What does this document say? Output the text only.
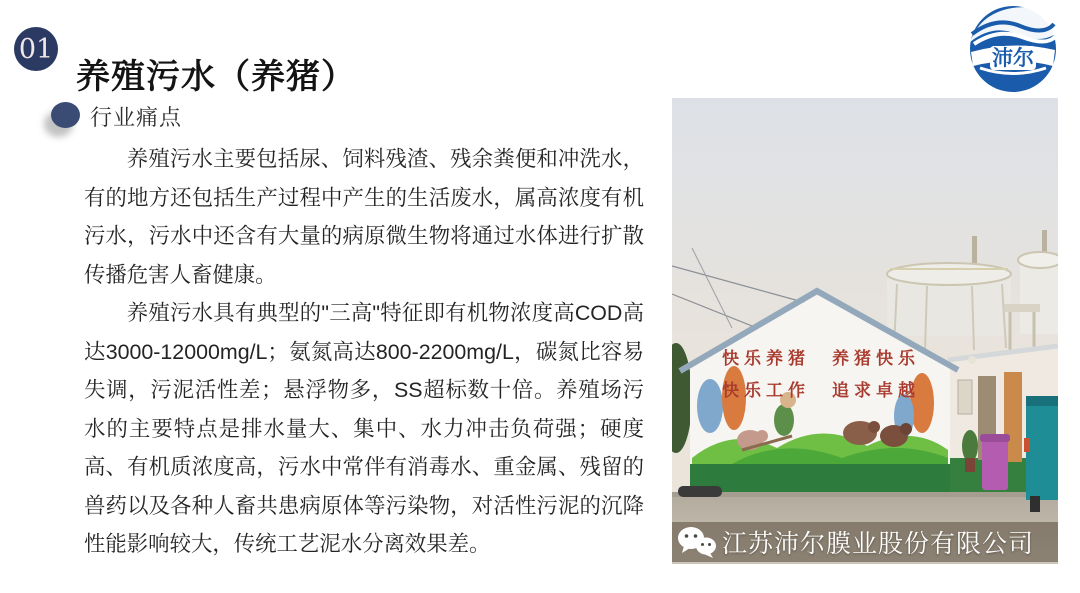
01
养殖污水（养猪）	沛尔
行业痛点

养殖污水主要包括尿、饲料残渣、残余粪便和冲洗水，有的地方还包括生产过程中产生的生活废水，属高浓度有机污水，污水中还含有大量的病原微生物将通过水体进行扩散传播危害人畜健康。

养殖污水具有典型的"三高"特征即有机物浓度高COD高达3000-12000mg/L；氨氮高达800-2200mg/L，碳氮比容易失调，污泥活性差；悬浮物多，SS超标数十倍。养殖场污水的主要特点是排水量大、集中、水力冲击负荷强；硬度高、有机质浓度高，污水中常伴有消毒水、重金属、残留的兽药以及各种人畜共患病原体等污染物，对活性污泥的沉降性能影响较大，传统工艺泥水分离效果差。

快乐养猪　养猪快乐
快乐工作　追求卓越
江苏沛尔膜业股份有限公司
